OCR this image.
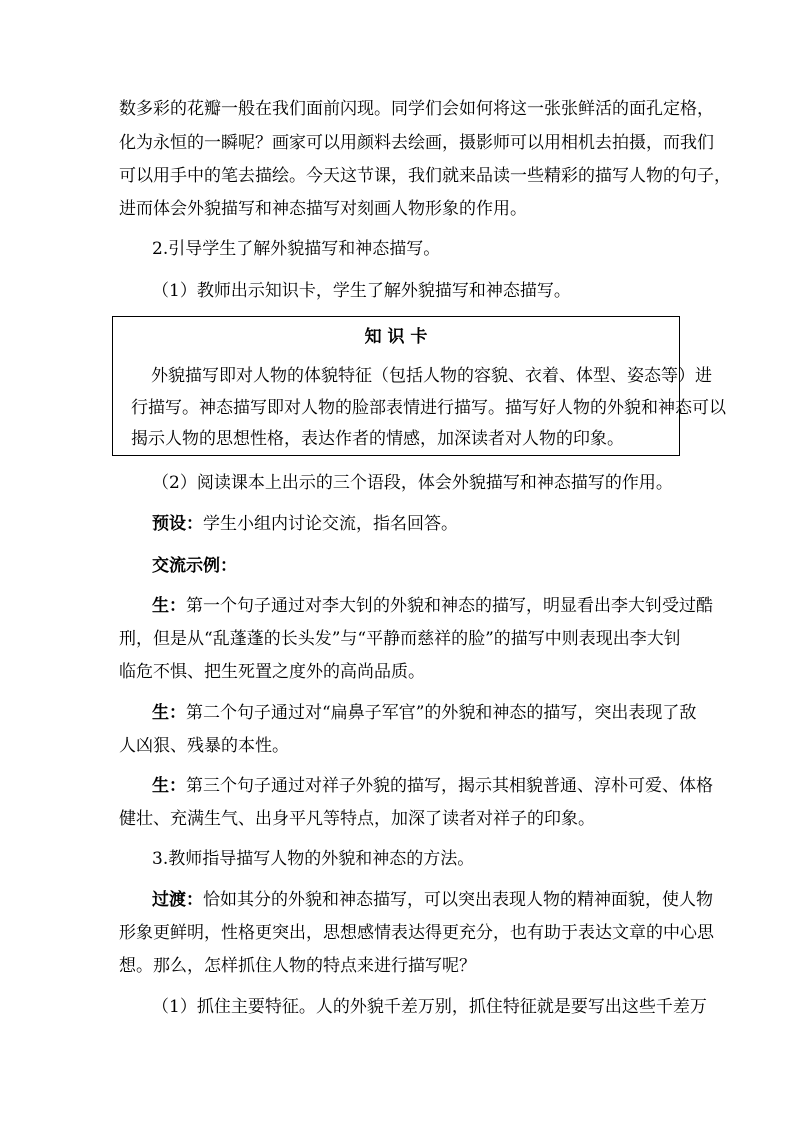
数多彩的花瓣一般在我们面前闪现。同学们会如何将这一张张鲜活的面孔定格，
化为永恒的一瞬呢？画家可以用颜料去绘画，摄影师可以用相机去拍摄，而我们
可以用手中的笔去描绘。今天这节课，我们就来品读一些精彩的描写人物的句子，
进而体会外貌描写和神态描写对刻画人物形象的作用。
2.引导学生了解外貌描写和神态描写。
（1）教师出示知识卡，学生了解外貌描写和神态描写。
知 识 卡
外貌描写即对人物的体貌特征（包括人物的容貌、衣着、体型、姿态等）进
行描写。神态描写即对人物的脸部表情进行描写。描写好人物的外貌和神态可以
揭示人物的思想性格，表达作者的情感，加深读者对人物的印象。
（2）阅读课本上出示的三个语段，体会外貌描写和神态描写的作用。
预设：学生小组内讨论交流，指名回答。
交流示例：
生：第一个句子通过对李大钊的外貌和神态的描写，明显看出李大钊受过酷
刑，但是从“乱蓬蓬的长头发”与“平静而慈祥的脸”的描写中则表现出李大钊
临危不惧、把生死置之度外的高尚品质。
生：第二个句子通过对“扁鼻子军官”的外貌和神态的描写，突出表现了敌
人凶狠、残暴的本性。
生：第三个句子通过对祥子外貌的描写，揭示其相貌普通、淳朴可爱、体格
健壮、充满生气、出身平凡等特点，加深了读者对祥子的印象。
3.教师指导描写人物的外貌和神态的方法。
过渡：恰如其分的外貌和神态描写，可以突出表现人物的精神面貌，使人物
形象更鲜明，性格更突出，思想感情表达得更充分，也有助于表达文章的中心思
想。那么，怎样抓住人物的特点来进行描写呢？
（1）抓住主要特征。人的外貌千差万别，抓住特征就是要写出这些千差万
